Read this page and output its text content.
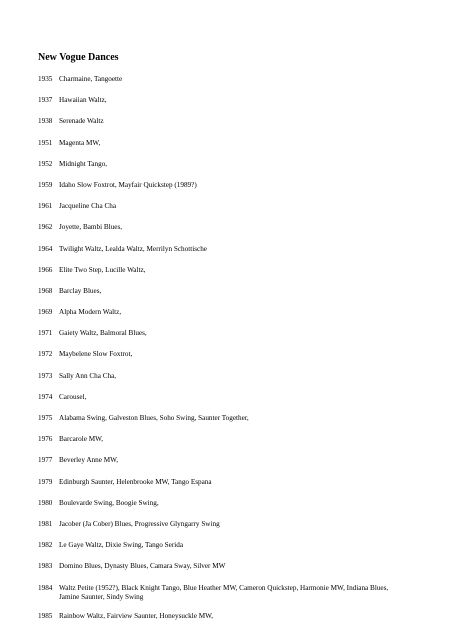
New Vogue Dances
1935 Charmaine, Tangoette
1937 Hawaiian Waltz,
1938 Serenade Waltz
1951 Magenta MW,
1952 Midnight Tango,
1959 Idaho Slow Foxtrot, Mayfair Quickstep (1989?)
1961 Jacqueline Cha Cha
1962 Joyette, Bambi Blues,
1964 Twilight Waltz, Lealda Waltz, Merrilyn Schottische
1966 Elite Two Step, Lucille Waltz,
1968 Barclay Blues,
1969 Alpha Modern Waltz,
1971 Gaiety Waltz, Balmoral Blues,
1972 Maybelene Slow Foxtrot,
1973 Sally Ann Cha Cha,
1974 Carousel,
1975 Alabama Swing, Galveston Blues, Soho Swing, Saunter Together,
1976 Barcarole MW,
1977 Beverley Anne MW,
1979 Edinburgh Saunter, Helenbrooke MW, Tango Espana
1980 Boulevarde Swing, Boogie Swing,
1981 Jacober (Ja Cober) Blues, Progressive Glyngarry Swing
1982 Le Gaye Waltz, Dixie Swing, Tango Serida
1983 Domino Blues, Dynasty Blues, Camara Sway, Silver MW
1984 Waltz Petite (1952?), Black Knight Tango, Blue Heather MW, Cameron Quickstep, Harmonie MW, Indiana Blues, Jamine Saunter, Sindy Swing
1985 Rainbow Waltz, Fairview Saunter, Honeysuckle MW,
